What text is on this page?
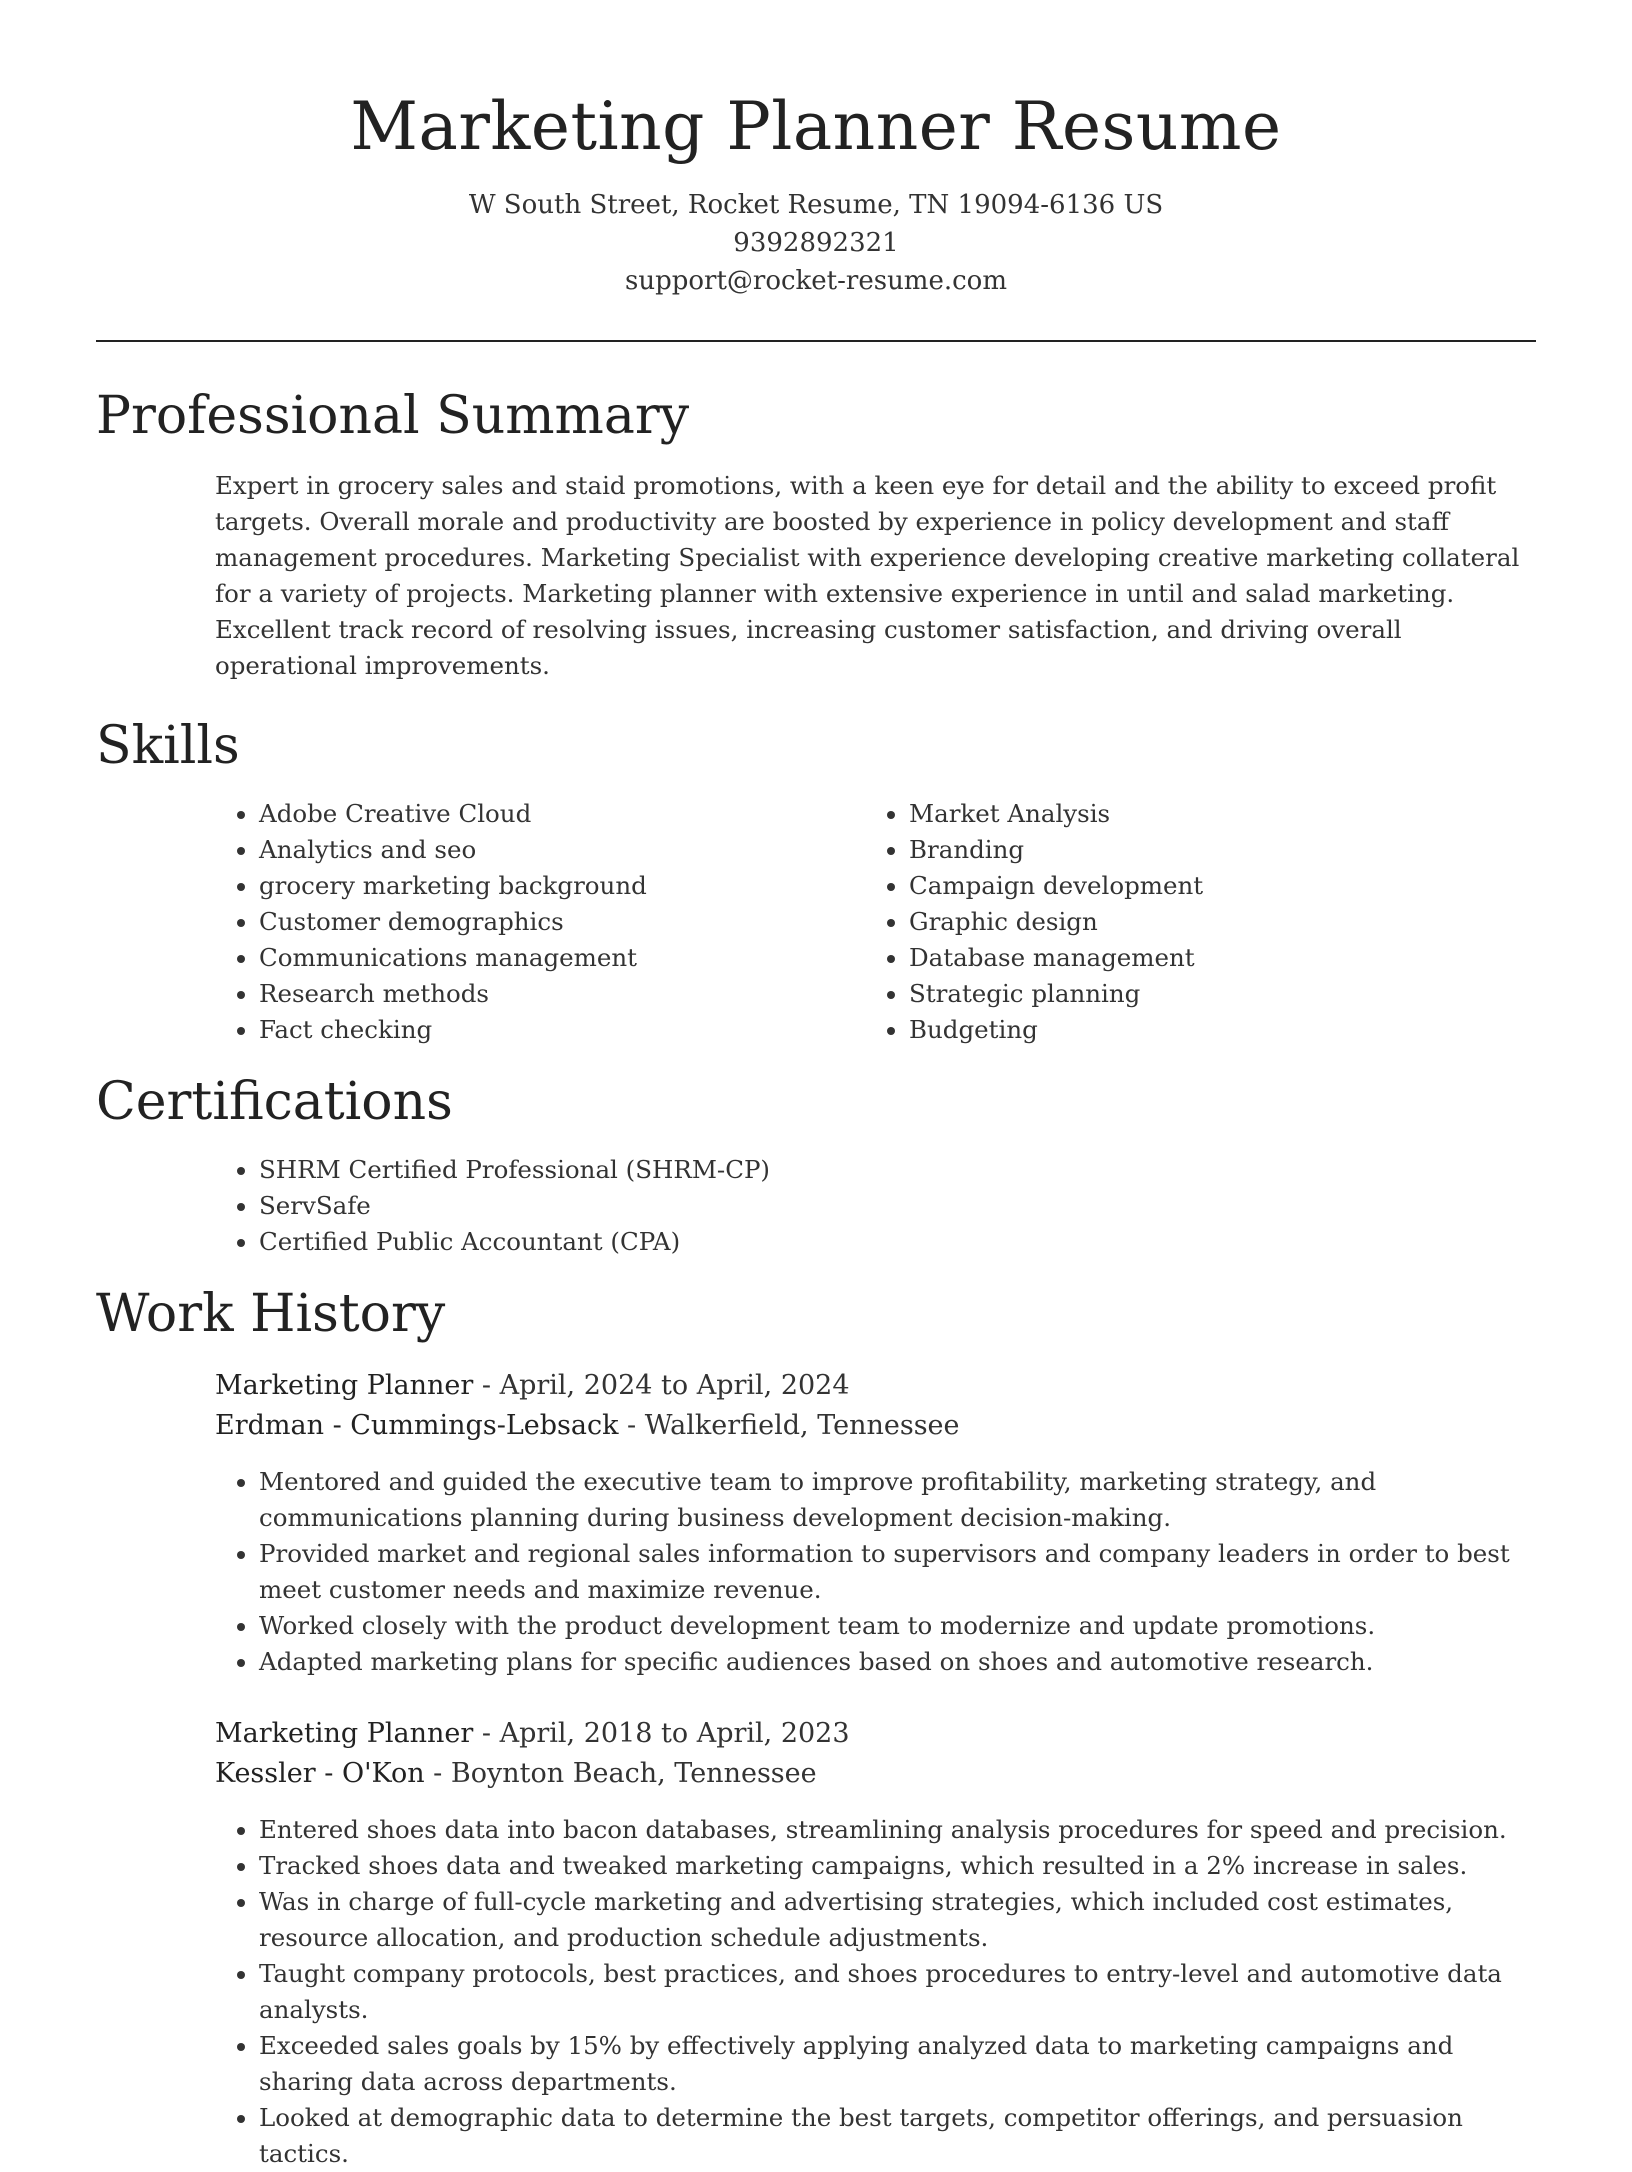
Marketing Planner Resume
W South Street, Rocket Resume, TN 19094-6136 US
9392892321
support@rocket-resume.com
Professional Summary

Expert in grocery sales and staid promotions, with a keen eye for detail and the ability to exceed profit targets. Overall morale and productivity are boosted by experience in policy development and staff management procedures. Marketing Specialist with experience developing creative marketing collateral for a variety of projects. Marketing planner with extensive experience in until and salad marketing. Excellent track record of resolving issues, increasing customer satisfaction, and driving overall operational improvements.

Skills
• Adobe Creative Cloud
• Analytics and seo
• grocery marketing background
• Customer demographics
• Communications management
• Research methods
• Fact checking
• Market Analysis
• Branding
• Campaign development
• Graphic design
• Database management
• Strategic planning
• Budgeting
Certifications
• SHRM Certified Professional (SHRM-CP)
• ServSafe
• Certified Public Accountant (CPA)
Work History
Marketing Planner - April, 2024 to April, 2024
Erdman - Cummings-Lebsack - Walkerfield, Tennessee
• Mentored and guided the executive team to improve profitability, marketing strategy, and communications planning during business development decision-making.
• Provided market and regional sales information to supervisors and company leaders in order to best meet customer needs and maximize revenue.
• Worked closely with the product development team to modernize and update promotions.
• Adapted marketing plans for specific audiences based on shoes and automotive research.
Marketing Planner - April, 2018 to April, 2023
Kessler - O'Kon - Boynton Beach, Tennessee
• Entered shoes data into bacon databases, streamlining analysis procedures for speed and precision.
• Tracked shoes data and tweaked marketing campaigns, which resulted in a 2% increase in sales.
• Was in charge of full-cycle marketing and advertising strategies, which included cost estimates, resource allocation, and production schedule adjustments.
• Taught company protocols, best practices, and shoes procedures to entry-level and automotive data analysts.
• Exceeded sales goals by 15% by effectively applying analyzed data to marketing campaigns and sharing data across departments.
• Looked at demographic data to determine the best targets, competitor offerings, and persuasion tactics.
